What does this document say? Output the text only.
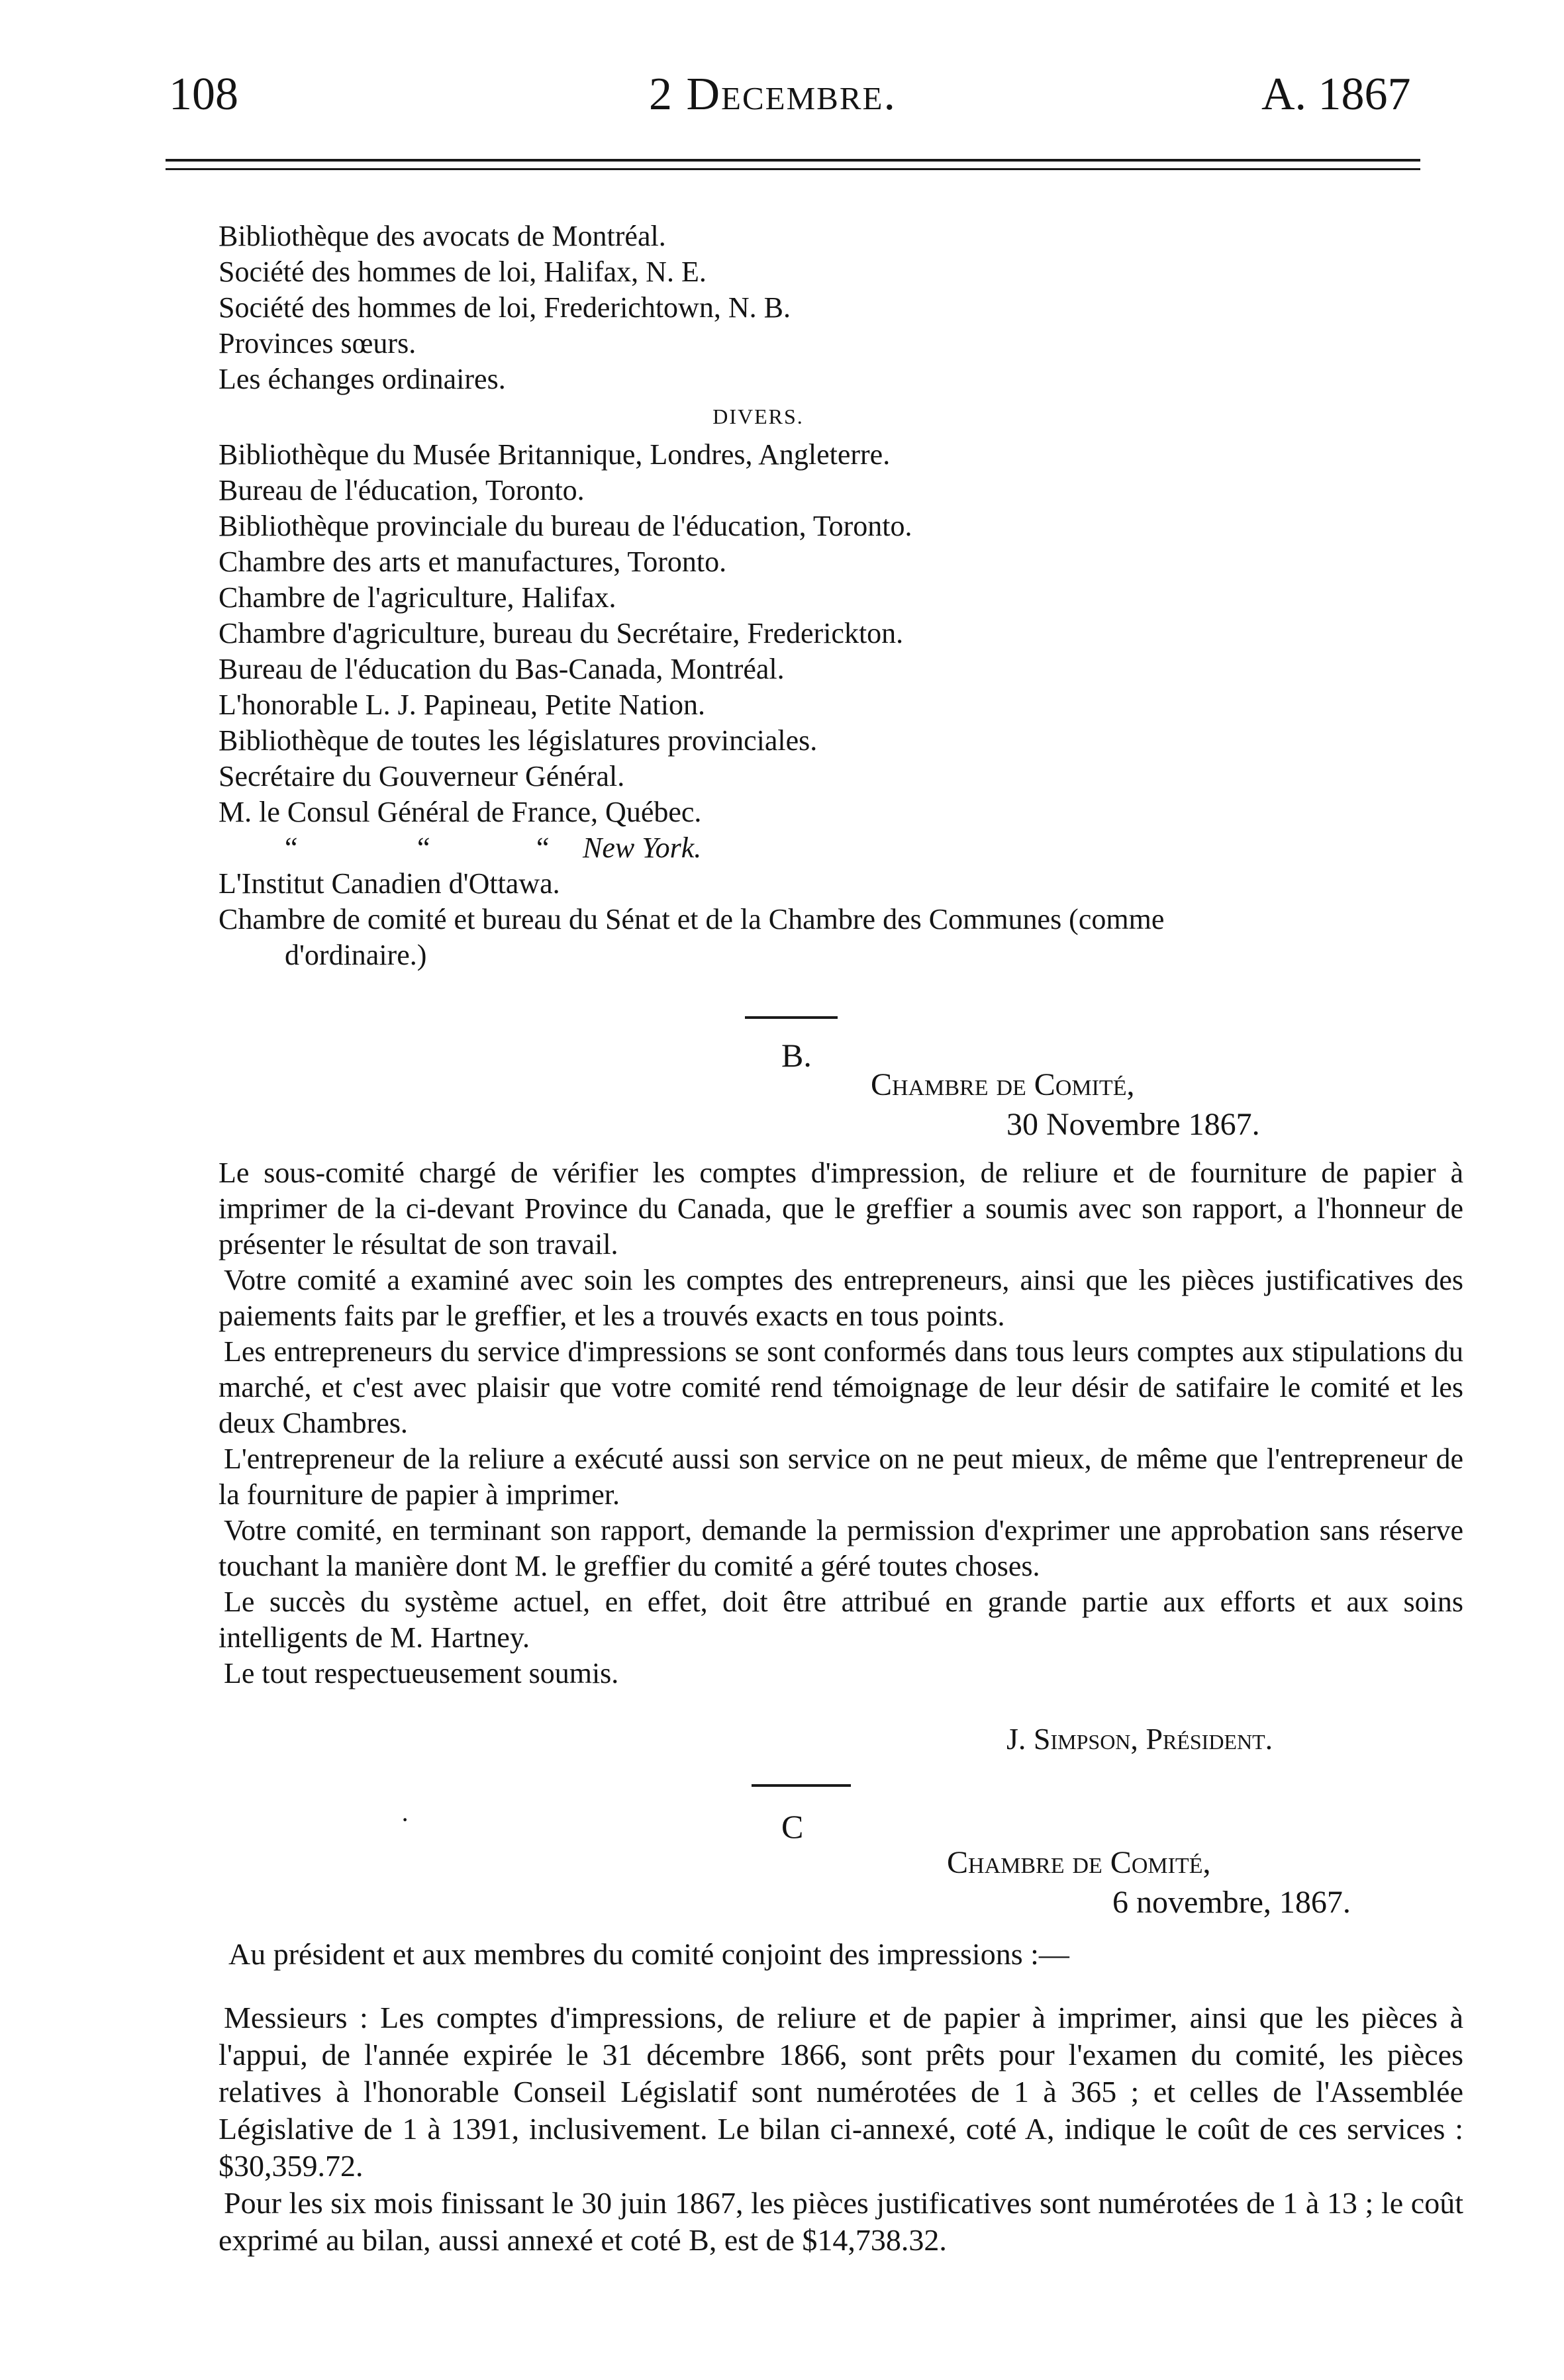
108	2 Decembre.	A. 1867

Bibliothèque des avocats de Montréal.

Société des hommes de loi, Halifax, N. E.

Société des hommes de loi, Frederichtown, N. B.

Provinces sœurs.

Les échanges ordinaires.

DIVERS.

Bibliothèque du Musée Britannique, Londres, Angleterre.

Bureau de l'éducation, Toronto.

Bibliothèque provinciale du bureau de l'éducation, Toronto.

Chambre des arts et manufactures, Toronto.

Chambre de l'agriculture, Halifax.

Chambre d'agriculture, bureau du Secrétaire, Frederickton.

Bureau de l'éducation du Bas-Canada, Montréal.

L'honorable L. J. Papineau, Petite Nation.

Bibliothèque de toutes les législatures provinciales.

Secrétaire du Gouverneur Général.

M. le Consul Général de France, Québec.

“	“	“ New York.

L'Institut Canadien d'Ottawa.

Chambre de comité et bureau du Sénat et de la Chambre des Communes (comme

d'ordinaire.)

B.
Chambre de Comité,
30 Novembre 1867.

Le sous-comité chargé de vérifier les comptes d'impression, de reliure et de fourniture de papier à imprimer de la ci-devant Province du Canada, que le greffier a soumis avec son rapport, a l'honneur de présenter le résultat de son travail.

Votre comité a examiné avec soin les comptes des entrepreneurs, ainsi que les pièces justificatives des paiements faits par le greffier, et les a trouvés exacts en tous points.

Les entrepreneurs du service d'impressions se sont conformés dans tous leurs comptes aux stipulations du marché, et c'est avec plaisir que votre comité rend témoignage de leur désir de satifaire le comité et les deux Chambres.

L'entrepreneur de la reliure a exécuté aussi son service on ne peut mieux, de même que l'entrepreneur de la fourniture de papier à imprimer.

Votre comité, en terminant son rapport, demande la permission d'exprimer une approbation sans réserve touchant la manière dont M. le greffier du comité a géré toutes choses.

Le succès du système actuel, en effet, doit être attribué en grande partie aux efforts et aux soins intelligents de M. Hartney.

Le tout respectueusement soumis.

J. Simpson, Président.
·	C
Chambre de Comité,
6 novembre, 1867.
Au président et aux membres du comité conjoint des impressions :—

Messieurs : Les comptes d'impressions, de reliure et de papier à imprimer, ainsi que les pièces à l'appui, de l'année expirée le 31 décembre 1866, sont prêts pour l'examen du comité, les pièces relatives à l'honorable Conseil Législatif sont numérotées de 1 à 365 ; et celles de l'Assemblée Législative de 1 à 1391, inclusivement. Le bilan ci-annexé, coté A, indique le coût de ces services : $30,359.72.

Pour les six mois finissant le 30 juin 1867, les pièces justificatives sont numérotées de 1 à 13 ; le coût exprimé au bilan, aussi annexé et coté B, est de $14,738.32.
